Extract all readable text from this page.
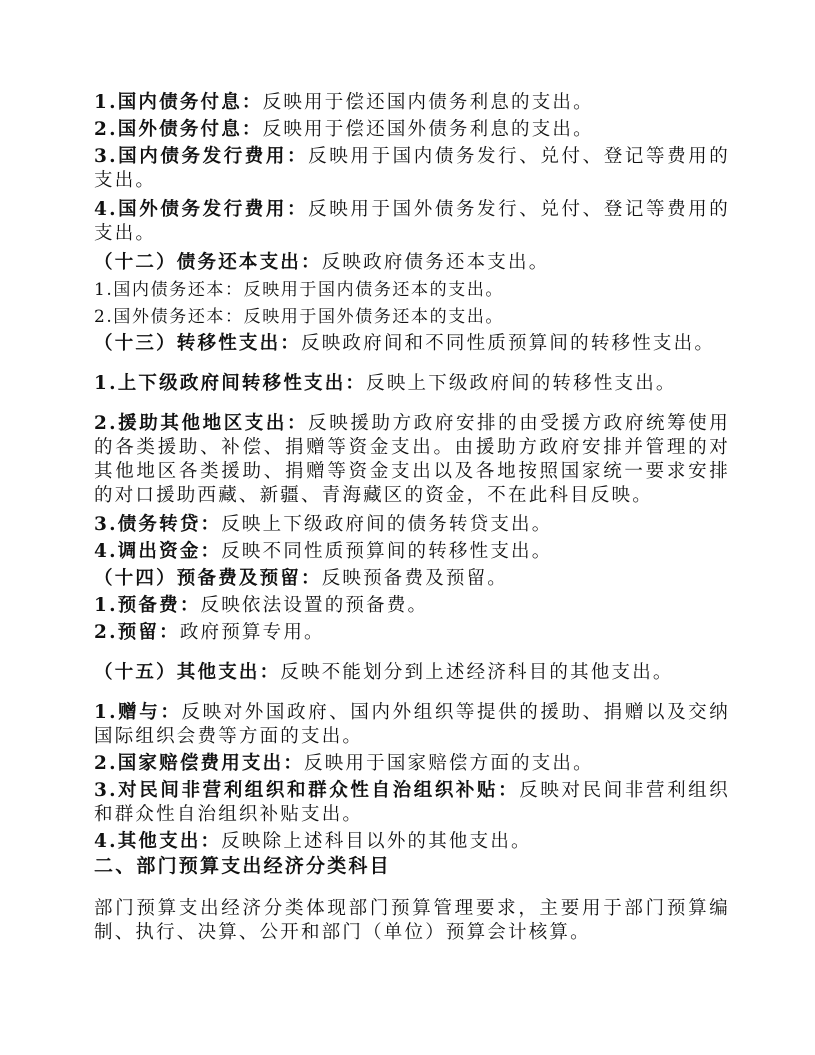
1.国内债务付息：反映用于偿还国内债务利息的支出。

2.国外债务付息：反映用于偿还国外债务利息的支出。

3.国内债务发行费用：反映用于国内债务发行、兑付、登记等费用的支出。

4.国外债务发行费用：反映用于国外债务发行、兑付、登记等费用的支出。

（十二）债务还本支出：反映政府债务还本支出。

1.国内债务还本：反映用于国内债务还本的支出。

2.国外债务还本：反映用于国外债务还本的支出。

（十三）转移性支出：反映政府间和不同性质预算间的转移性支出。

1.上下级政府间转移性支出：反映上下级政府间的转移性支出。

2.援助其他地区支出：反映援助方政府安排的由受援方政府统筹使用的各类援助、补偿、捐赠等资金支出。由援助方政府安排并管理的对其他地区各类援助、捐赠等资金支出以及各地按照国家统一要求安排的对口援助西藏、新疆、青海藏区的资金，不在此科目反映。

3.债务转贷：反映上下级政府间的债务转贷支出。

4.调出资金：反映不同性质预算间的转移性支出。

（十四）预备费及预留：反映预备费及预留。

1.预备费：反映依法设置的预备费。

2.预留：政府预算专用。

（十五）其他支出：反映不能划分到上述经济科目的其他支出。

1.赠与：反映对外国政府、国内外组织等提供的援助、捐赠以及交纳国际组织会费等方面的支出。

2.国家赔偿费用支出：反映用于国家赔偿方面的支出。

3.对民间非营利组织和群众性自治组织补贴：反映对民间非营利组织和群众性自治组织补贴支出。

4.其他支出：反映除上述科目以外的其他支出。

二、部门预算支出经济分类科目

部门预算支出经济分类体现部门预算管理要求，主要用于部门预算编制、执行、决算、公开和部门（单位）预算会计核算。
